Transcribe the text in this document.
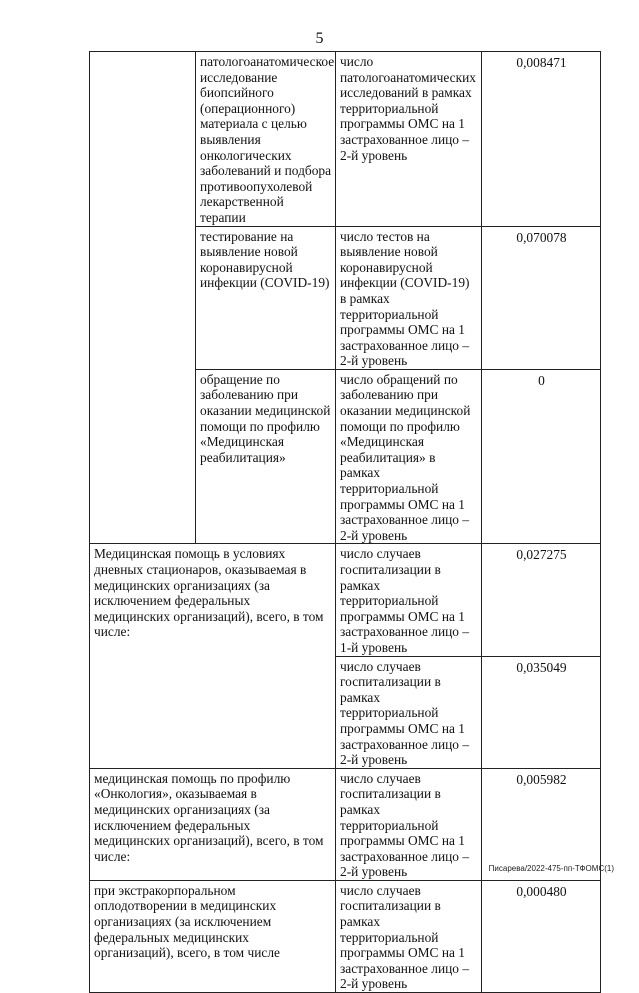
5
	патологоанатомическое исследование биопсийного (операционного) материала с целью выявления онкологических заболеваний и подбора противоопухолевой лекарственной терапии	число патологоанатомических исследований в рамках территориальной программы ОМС на 1 застрахованное лицо – 2-й уровень	0,008471
	тестирование на выявление новой коронавирусной инфекции (COVID-19)	число тестов на выявление новой коронавирусной инфекции (COVID-19) в рамках территориальной программы ОМС на 1 застрахованное лицо – 2-й уровень	0,070078
	обращение по заболеванию при оказании медицинской помощи по профилю «Медицинская реабилитация»	число обращений по заболеванию при оказании медицинской помощи по профилю «Медицинская реабилитация» в рамках территориальной программы ОМС на 1 застрахованное лицо – 2-й уровень	0
Медицинская помощь в условиях дневных стационаров, оказываемая в медицинских организациях (за исключением федеральных медицинских организаций), всего, в том числе:		число случаев госпитализации в рамках территориальной программы ОМС на 1 застрахованное лицо – 1-й уровень	0,027275
		число случаев госпитализации в рамках территориальной программы ОМС на 1 застрахованное лицо – 2-й уровень	0,035049
медицинская помощь по профилю «Онкология», оказываемая в медицинских организациях (за исключением федеральных медицинских организаций), всего, в том числе:		число случаев госпитализации в рамках территориальной программы ОМС на 1 застрахованное лицо – 2-й уровень	0,005982
при экстракорпоральном оплодотворении в медицинских организациях (за исключением федеральных медицинских организаций), всего, в том числе		число случаев госпитализации в рамках территориальной программы ОМС на 1 застрахованное лицо – 2-й уровень	0,000480
Писарева/2022-475-пп-ТФОМС(1)
